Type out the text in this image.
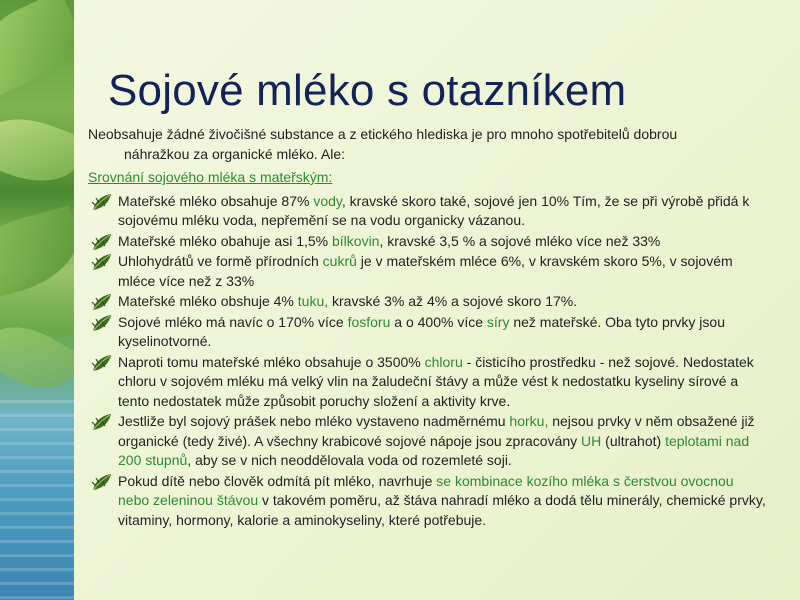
Sojové mléko s otazníkem

Neobsahuje žádné živočišné substance a z etického hlediska je pro mnoho spotřebitelů dobrou
náhražkou za organické mléko. Ale:

Srovnání sojového mléka s mateřským:

Mateřské mléko obsahuje 87% vody, kravské skoro také, sojové jen 10% Tím, že se při výrobě přidá k sojovému mléku voda, nepřemění se na vodu organicky vázanou.
Mateřské mléko obahuje asi 1,5% bílkovin, kravské 3,5 % a sojové mléko více než 33%
Uhlohydrátů ve formě přírodních cukrů je v mateřském mléce 6%, v kravském skoro 5%, v sojovém mléce více než z 33%
Mateřské mléko obshuje 4% tuku, kravské 3% až 4% a sojové skoro 17%.
Sojové mléko má navíc o 170% více fosforu a o 400% více síry než mateřské. Oba tyto prvky jsou kyselinotvorné.
Naproti tomu mateřské mléko obsahuje o 3500% chloru - čisticího prostředku - než sojové. Nedostatek chloru v sojovém mléku má velký vlin na žaludeční štávy a může vést k nedostatku kyseliny sírové a tento nedostatek může způsobit poruchy složení a aktivity krve.
Jestliže byl sojový prášek nebo mléko vystaveno nadměrnému horku, nejsou prvky v něm obsažené již organické (tedy živé). A všechny krabicové sojové nápoje jsou zpracovány UH (ultrahot) teplotami nad 200 stupnů, aby se v nich neoddělovala voda od rozemleté soji.
Pokud dítě nebo člověk odmítá pít mléko, navrhuje se kombinace kozího mléka s čerstvou ovocnou nebo zeleninou štávou v takovém poměru, až štáva nahradí mléko a dodá tělu minerály, chemické prvky, vitaminy, hormony, kalorie a aminokyseliny, které potřebuje.
